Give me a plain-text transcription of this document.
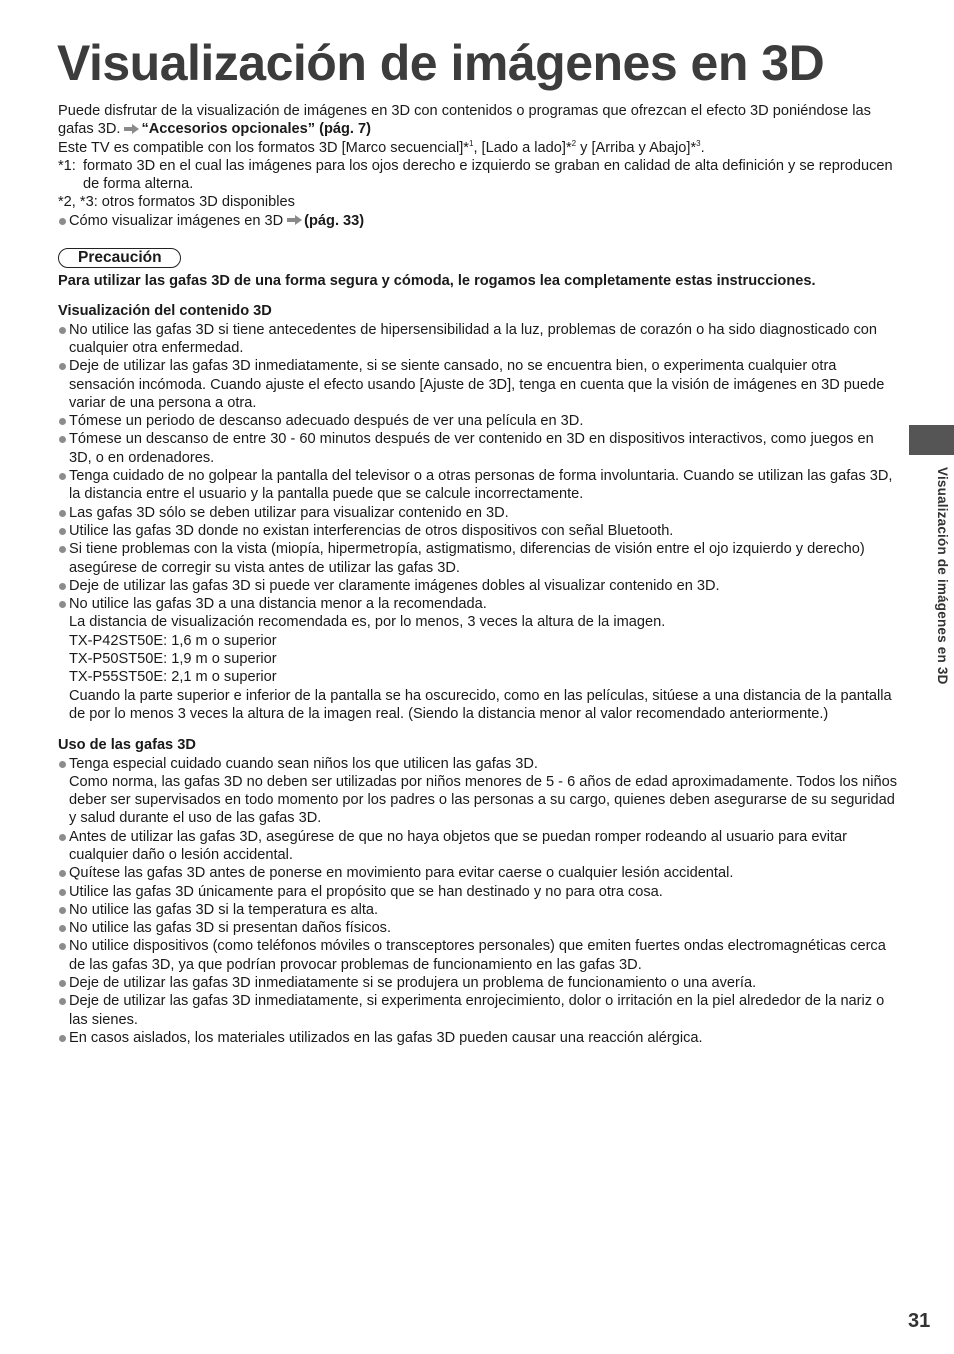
Visualización de imágenes en 3D

Puede disfrutar de la visualización de imágenes en 3D con contenidos o programas que ofrezcan el efecto 3D poniéndose las gafas 3D. “Accesorios opcionales” (pág. 7)

Este TV es compatible con los formatos 3D [Marco secuencial]*$^1$, [Lado a lado]*$^2$ y [Arriba y Abajo]*$^3$.

*1: formato 3D en el cual las imágenes para los ojos derecho e izquierdo se graban en calidad de alta definición y se reproducen de forma alterna.

*2, *3: otros formatos 3D disponibles

Cómo visualizar imágenes en 3D (pág. 33)
Precaución

Para utilizar las gafas 3D de una forma segura y cómoda, le rogamos lea completamente estas instrucciones.

Visualización del contenido 3D

No utilice las gafas 3D si tiene antecedentes de hipersensibilidad a la luz, problemas de corazón o ha sido diagnosticado con cualquier otra enfermedad.
Deje de utilizar las gafas 3D inmediatamente, si se siente cansado, no se encuentra bien, o experimenta cualquier otra sensación incómoda. Cuando ajuste el efecto usando [Ajuste de 3D], tenga en cuenta que la visión de imágenes en 3D puede variar de una persona a otra.
Tómese un periodo de descanso adecuado después de ver una película en 3D.
Tómese un descanso de entre 30 - 60 minutos después de ver contenido en 3D en dispositivos interactivos, como juegos en 3D, o en ordenadores.
Tenga cuidado de no golpear la pantalla del televisor o a otras personas de forma involuntaria. Cuando se utilizan las gafas 3D, la distancia entre el usuario y la pantalla puede que se calcule incorrectamente.
Las gafas 3D sólo se deben utilizar para visualizar contenido en 3D.
Utilice las gafas 3D donde no existan interferencias de otros dispositivos con señal Bluetooth.
Si tiene problemas con la vista (miopía, hipermetropía, astigmatismo, diferencias de visión entre el ojo izquierdo y derecho) asegúrese de corregir su vista antes de utilizar las gafas 3D.
Deje de utilizar las gafas 3D si puede ver claramente imágenes dobles al visualizar contenido en 3D.
No utilice las gafas 3D a una distancia menor a la recomendada.
La distancia de visualización recomendada es, por lo menos, 3 veces la altura de la imagen.
TX-P42ST50E: 1,6 m o superior
TX-P50ST50E: 1,9 m o superior
TX-P55ST50E: 2,1 m o superior
Cuando la parte superior e inferior de la pantalla se ha oscurecido, como en las películas, sitúese a una distancia de la pantalla de por lo menos 3 veces la altura de la imagen real. (Siendo la distancia menor al valor recomendado anteriormente.)

Uso de las gafas 3D

Tenga especial cuidado cuando sean niños los que utilicen las gafas 3D.
Como norma, las gafas 3D no deben ser utilizadas por niños menores de 5 - 6 años de edad aproximadamente. Todos los niños deber ser supervisados en todo momento por los padres o las personas a su cargo, quienes deben asegurarse de su seguridad y salud durante el uso de las gafas 3D.
Antes de utilizar las gafas 3D, asegúrese de que no haya objetos que se puedan romper rodeando al usuario para evitar cualquier daño o lesión accidental.
Quítese las gafas 3D antes de ponerse en movimiento para evitar caerse o cualquier lesión accidental.
Utilice las gafas 3D únicamente para el propósito que se han destinado y no para otra cosa.
No utilice las gafas 3D si la temperatura es alta.
No utilice las gafas 3D si presentan daños físicos.
No utilice dispositivos (como teléfonos móviles o transceptores personales) que emiten fuertes ondas electromagnéticas cerca de las gafas 3D, ya que podrían provocar problemas de funcionamiento en las gafas 3D.
Deje de utilizar las gafas 3D inmediatamente si se produjera un problema de funcionamiento o una avería.
Deje de utilizar las gafas 3D inmediatamente, si experimenta enrojecimiento, dolor o irritación en la piel alrededor de la nariz o las sienes.
En casos aislados, los materiales utilizados en las gafas 3D pueden causar una reacción alérgica.
Visualización de imágenes en 3D
31
